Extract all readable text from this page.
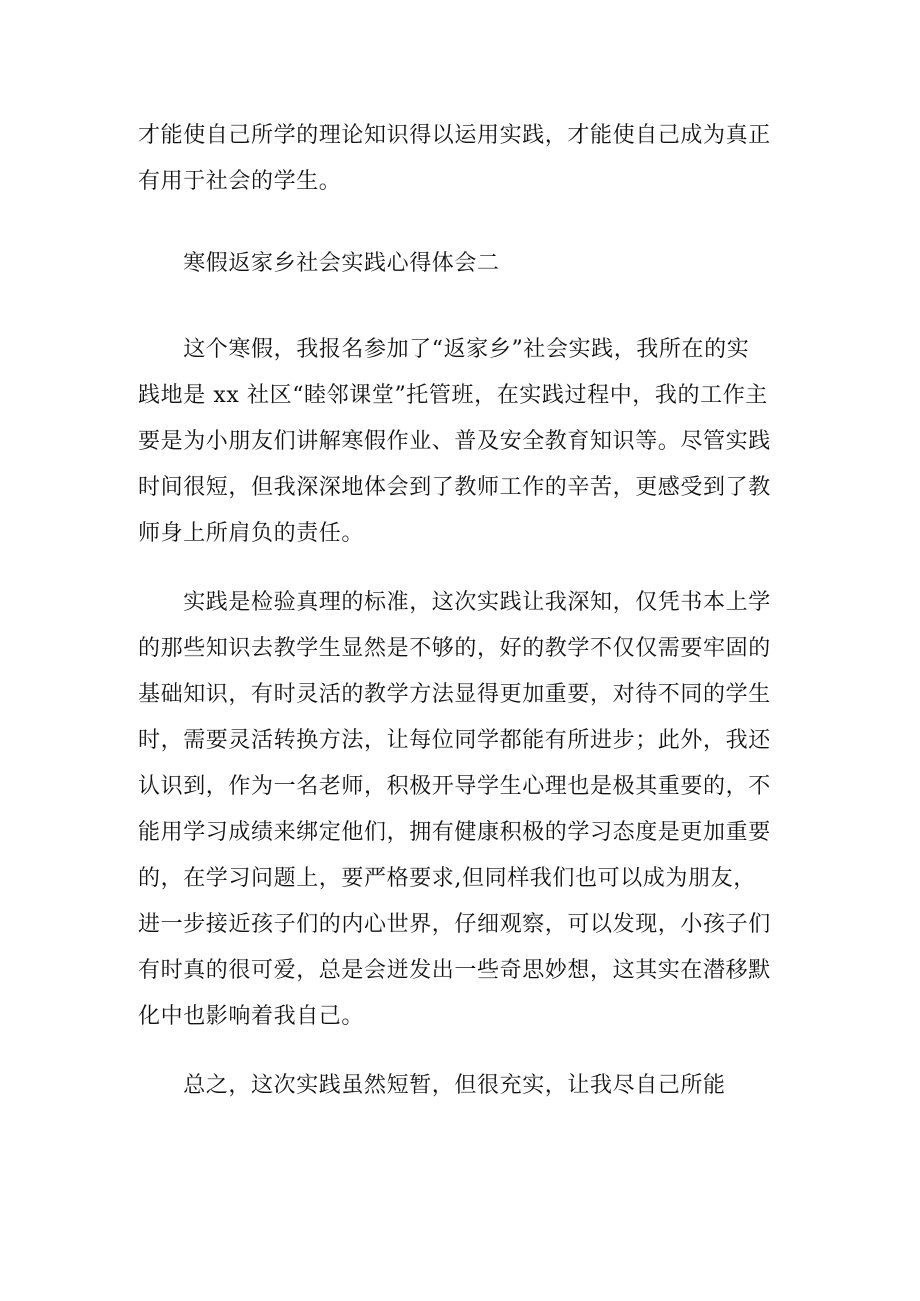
才能使自己所学的理论知识得以运用实践，才能使自己成为真正
有用于社会的学生。
　　寒假返家乡社会实践心得体会二
　　这个寒假，我报名参加了“返家乡”社会实践，我所在的实
践地是 xx 社区“睦邻课堂”托管班，在实践过程中，我的工作主
要是为小朋友们讲解寒假作业、普及安全教育知识等。尽管实践
时间很短，但我深深地体会到了教师工作的辛苦，更感受到了教
师身上所肩负的责任。
　　实践是检验真理的标准，这次实践让我深知，仅凭书本上学
的那些知识去教学生显然是不够的，好的教学不仅仅需要牢固的
基础知识，有时灵活的教学方法显得更加重要，对待不同的学生
时，需要灵活转换方法，让每位同学都能有所进步；此外，我还
认识到，作为一名老师，积极开导学生心理也是极其重要的，不
能用学习成绩来绑定他们，拥有健康积极的学习态度是更加重要
的，在学习问题上，要严格要求,但同样我们也可以成为朋友，
进一步接近孩子们的内心世界，仔细观察，可以发现，小孩子们
有时真的很可爱，总是会迸发出一些奇思妙想，这其实在潜移默
化中也影响着我自己。
　　总之，这次实践虽然短暂，但很充实，让我尽自己所能
